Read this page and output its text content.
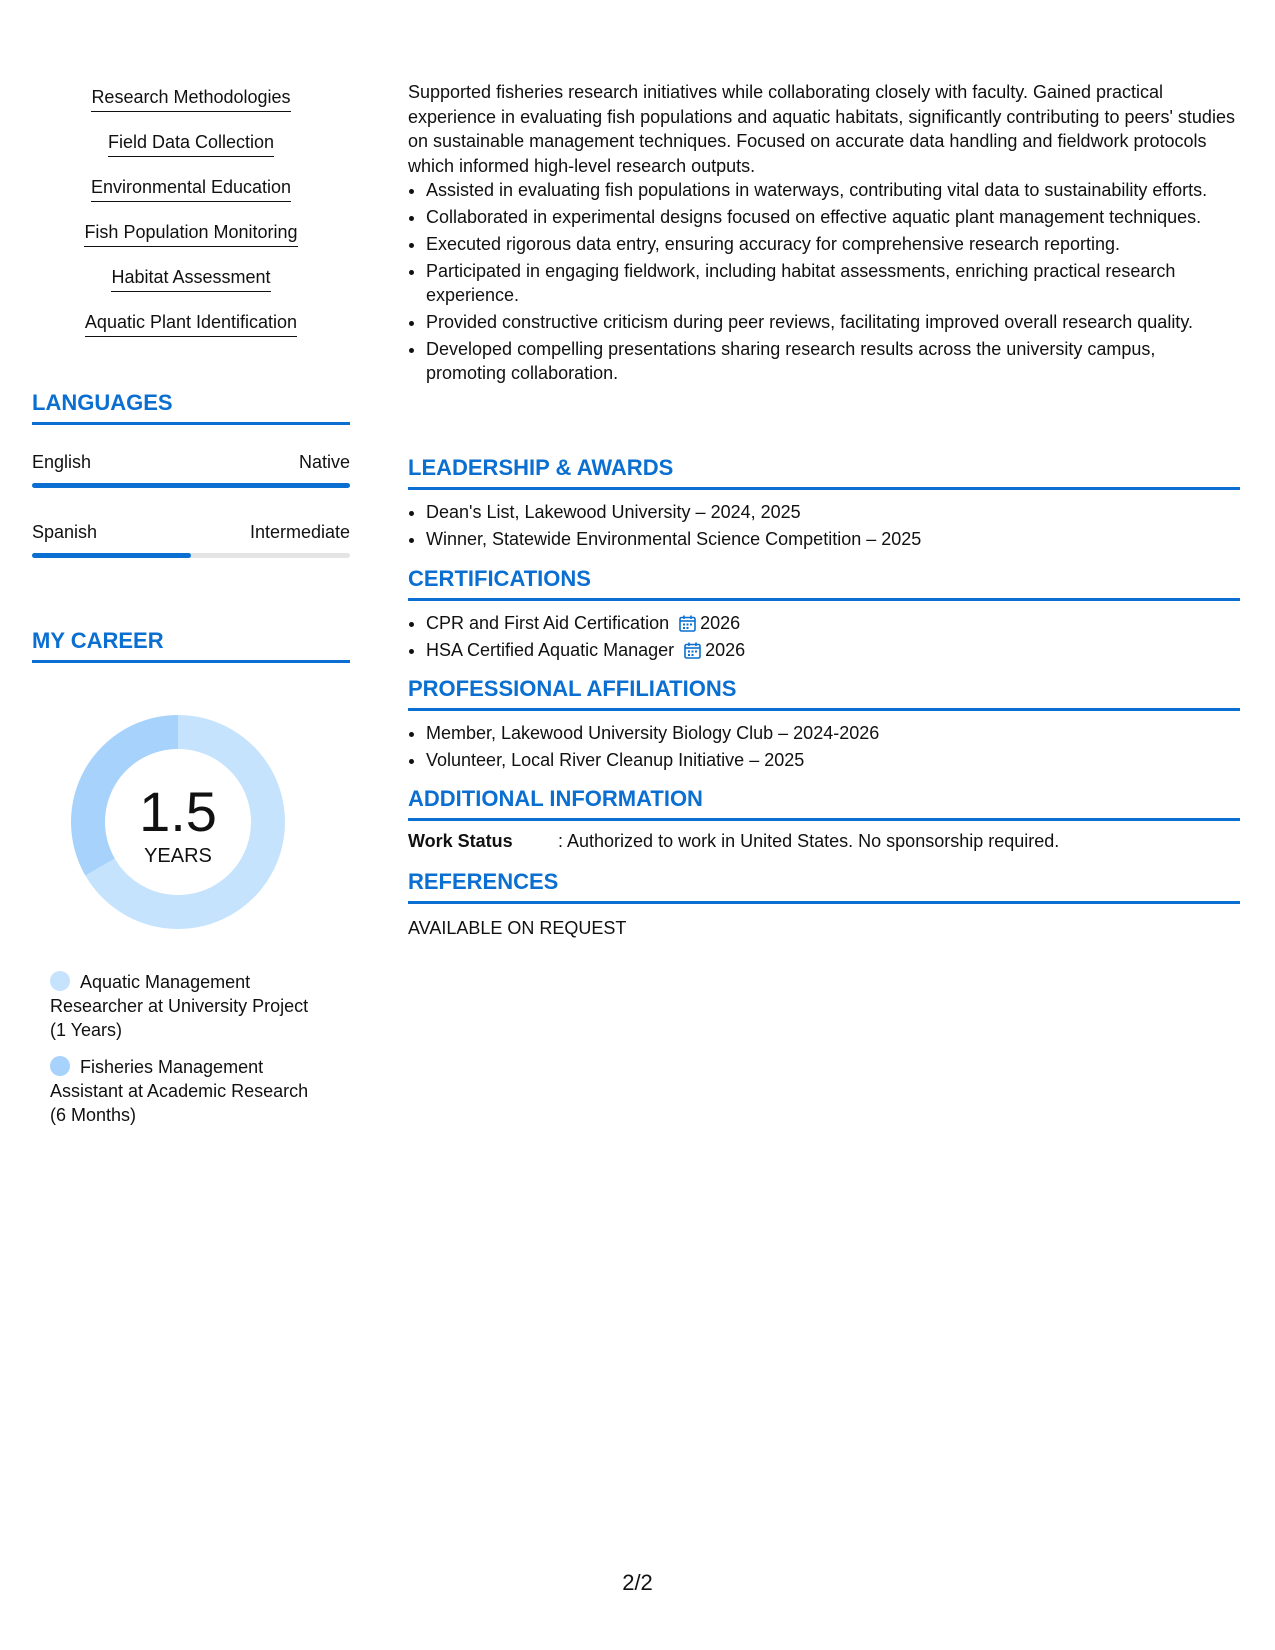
Research Methodologies
Field Data Collection
Environmental Education
Fish Population Monitoring
Habitat Assessment
Aquatic Plant Identification
LANGUAGES
English	Native
Spanish	Intermediate
MY CAREER
1.5
YEARS
Aquatic Management
Researcher at University Project
(1 Years)
Fisheries Management
Assistant at Academic Research
(6 Months)
Supported fisheries research initiatives while collaborating closely with faculty. Gained practical experience in evaluating fish populations and aquatic habitats, significantly contributing to peers' studies on sustainable management techniques. Focused on accurate data handling and fieldwork protocols which informed high-level research outputs.
• Assisted in evaluating fish populations in waterways, contributing vital data to sustainability efforts.
• Collaborated in experimental designs focused on effective aquatic plant management techniques.
• Executed rigorous data entry, ensuring accuracy for comprehensive research reporting.
• Participated in engaging fieldwork, including habitat assessments, enriching practical research experience.
• Provided constructive criticism during peer reviews, facilitating improved overall research quality.
• Developed compelling presentations sharing research results across the university campus, promoting collaboration.
LEADERSHIP & AWARDS
• Dean's List, Lakewood University – 2024, 2025
• Winner, Statewide Environmental Science Competition – 2025
CERTIFICATIONS
• CPR and First Aid Certification 2026
• HSA Certified Aquatic Manager 2026
PROFESSIONAL AFFILIATIONS
• Member, Lakewood University Biology Club – 2024-2026
• Volunteer, Local River Cleanup Initiative – 2025
ADDITIONAL INFORMATION
Work Status	: Authorized to work in United States. No sponsorship required.
REFERENCES
AVAILABLE ON REQUEST
2/2
